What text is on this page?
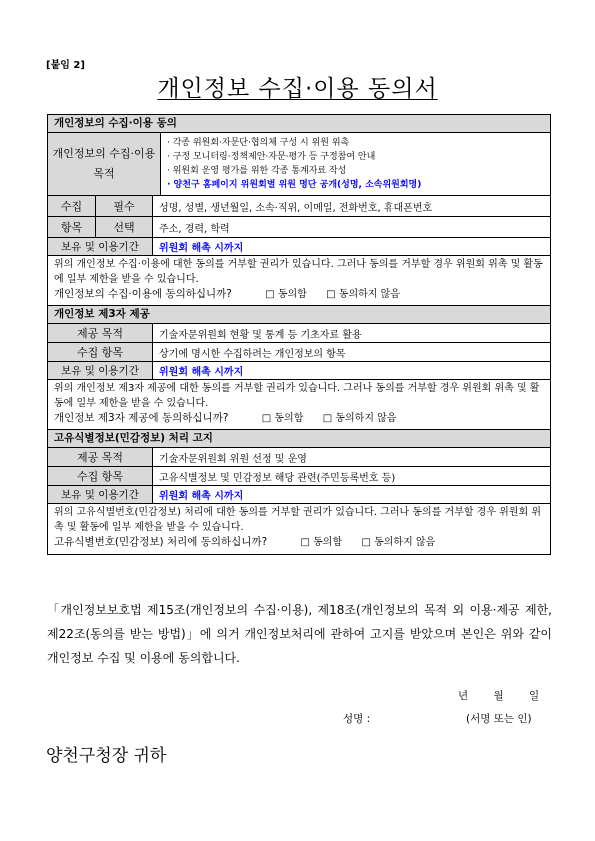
[붙임 2]
개인정보 수집·이용 동의서
개인정보의 수집·이용 동의
개인정보의 수집·이용 목적
· 각종 위원회·자문단·협의체 구성 시 위원 위촉
· 구정 모니터링·정책제안·자문·평가 등 구정참여 안내
· 위원회 운영 평가를 위한 각종 통계자료 작성
· 양천구 홈페이지 위원회별 위원 명단 공개(성명, 소속위원회명)
수집
항목
필수	성명, 성별, 생년월일, 소속·직위, 이메일, 전화번호, 휴대폰번호
선택	주소, 경력, 학력
보유 및 이용기간	위원회 해촉 시까지
위의 개인정보 수집·이용에 대한 동의를 거부할 권리가 있습니다. 그러나 동의를 거부할 경우 위원회 위촉 및 활동에 일부 제한을 받을 수 있습니다.
개인정보의 수집·이용에 동의하십니까?	□ 동의함 □ 동의하지 않음
개인정보 제3자 제공
제공 목적	기술자문위원회 현황 및 통계 등 기초자료 활용
수집 항목	상기에 명시한 수집하려는 개인정보의 항목
보유 및 이용기간	위원회 해촉 시까지
위의 개인정보 제3자 제공에 대한 동의를 거부할 권리가 있습니다. 그러나 동의를 거부할 경우 위원회 위촉 및 활동에 일부 제한을 받을 수 있습니다.
개인정보 제3자 제공에 동의하십니까?	□ 동의함 □ 동의하지 않음
고유식별정보(민감정보) 처리 고지
제공 목적	기술자문위원회 위원 선정 및 운영
수집 항목	고유식별정보 및 민감정보 해당 관련(주민등록번호 등)
보유 및 이용기간	위원회 해촉 시까지
위의 고유식별번호(민감정보) 처리에 대한 동의를 거부할 권리가 있습니다. 그러나 동의를 거부할 경우 위원회 위촉 및 활동에 일부 제한을 받을 수 있습니다.
고유식별번호(민감정보) 처리에 동의하십니까?	□ 동의함 □ 동의하지 않음
「개인정보보호법 제15조(개인정보의 수집·이용), 제18조(개인정보의 목적 외 이용·제공 제한, 제22조(동의를 받는 방법)」에 의거 개인정보처리에 관하여 고지를 받았으며 본인은 위와 같이 개인정보 수집 및 이용에 동의합니다.
년 월 일
성명 :	(서명 또는 인)
양천구청장 귀하
